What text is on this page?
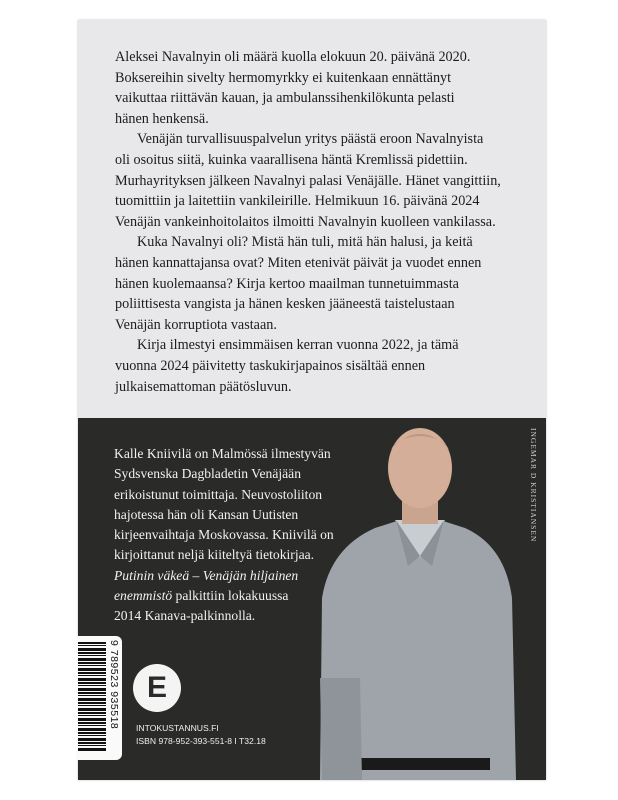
Aleksei Navalnyin oli määrä kuolla elokuun 20. päivänä 2020.
Boksereihin sivelty hermomyrkky ei kuitenkaan ennättänyt
vaikuttaa riittävän kauan, ja ambulanssihenkilökunta pelasti
hänen henkensä.
Venäjän turvallisuuspalvelun yritys päästä eroon Navalnyista
oli osoitus siitä, kuinka vaarallisena häntä Kremlissä pidettiin.
Murhayrityksen jälkeen Navalnyi palasi Venäjälle. Hänet vangittiin,
tuomittiin ja laitettiin vankileirille. Helmikuun 16. päivänä 2024
Venäjän vankeinhoitolaitos ilmoitti Navalnyin kuolleen vankilassa.
Kuka Navalnyi oli? Mistä hän tuli, mitä hän halusi, ja keitä
hänen kannattajansa ovat? Miten etenivät päivät ja vuodet ennen
hänen kuolemaansa? Kirja kertoo maailman tunnetuimmasta
poliittisesta vangista ja hänen kesken jääneestä taistelustaan
Venäjän korruptiota vastaan.
Kirja ilmestyi ensimmäisen kerran vuonna 2022, ja tämä
vuonna 2024 päivitetty taskukirjapainos sisältää ennen
julkaisemattoman päätösluvun.
Kalle Kniivilä on Malmössä ilmestyvän
Sydsvenska Dagbladetin Venäjään
erikoistunut toimittaja. Neuvostoliiton
hajotessa hän oli Kansan Uutisten
kirjeenvaihtaja Moskovassa. Kniivilä on
kirjoittanut neljä kiiteltyä tietokirjaa.
Putinin väkeä – Venäjän hiljainen
enemmistö palkittiin lokakuussa
2014 Kanava-palkinnolla.
INGEMAR D KRISTIANSEN
9 789523 935518 E
INTOKUSTANNUS.FI
ISBN 978-952-393-551-8 I T32.18
